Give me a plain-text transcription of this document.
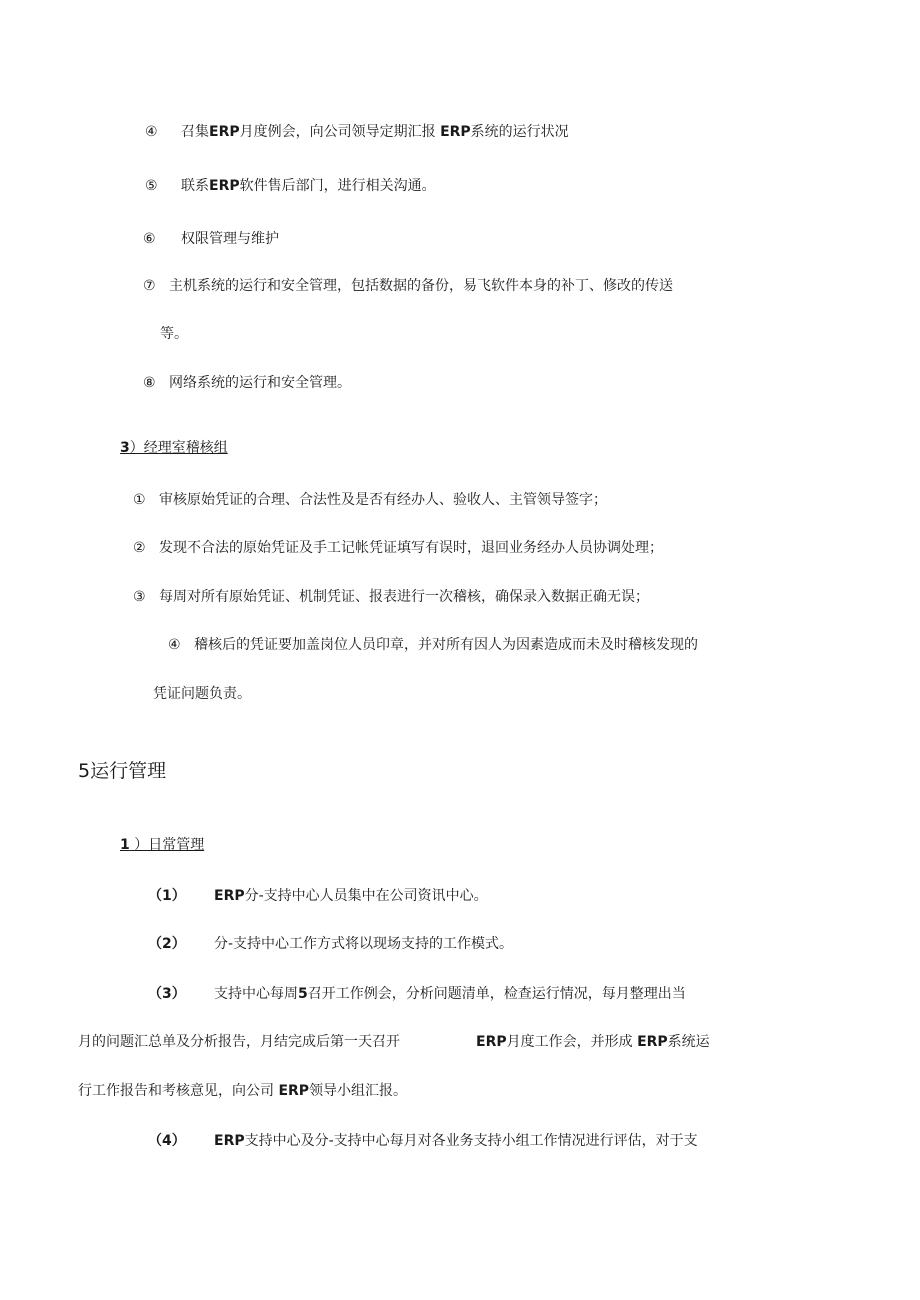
④ 召集ERP月度例会，向公司领导定期汇报 ERP系统的运行状况
⑤ 联系ERP软件售后部门，进行相关沟通。
⑥ 权限管理与维护
⑦ 主机系统的运行和安全管理，包括数据的备份，易飞软件本身的补丁、修改的传送
等。
⑧ 网络系统的运行和安全管理。
3）经理室稽核组
① 审核原始凭证的合理、合法性及是否有经办人、验收人、主管领导签字；
② 发现不合法的原始凭证及手工记帐凭证填写有误时，退回业务经办人员协调处理；
③ 每周对所有原始凭证、机制凭证、报表进行一次稽核，确保录入数据正确无误；
④ 稽核后的凭证要加盖岗位人员印章，并对所有因人为因素造成而未及时稽核发现的
凭证问题负责。
5运行管理
1 ）日常管理
（1） ERP分-支持中心人员集中在公司资讯中心。
（2） 分-支持中心工作方式将以现场支持的工作模式。
（3） 支持中心每周5召开工作例会，分析问题清单，检查运行情况，每月整理出当
月的问题汇总单及分析报告，月结完成后第一天召开	ERP月度工作会，并形成 ERP系统运
行工作报告和考核意见，向公司 ERP领导小组汇报。
（4） ERP支持中心及分-支持中心每月对各业务支持小组工作情况进行评估，对于支
